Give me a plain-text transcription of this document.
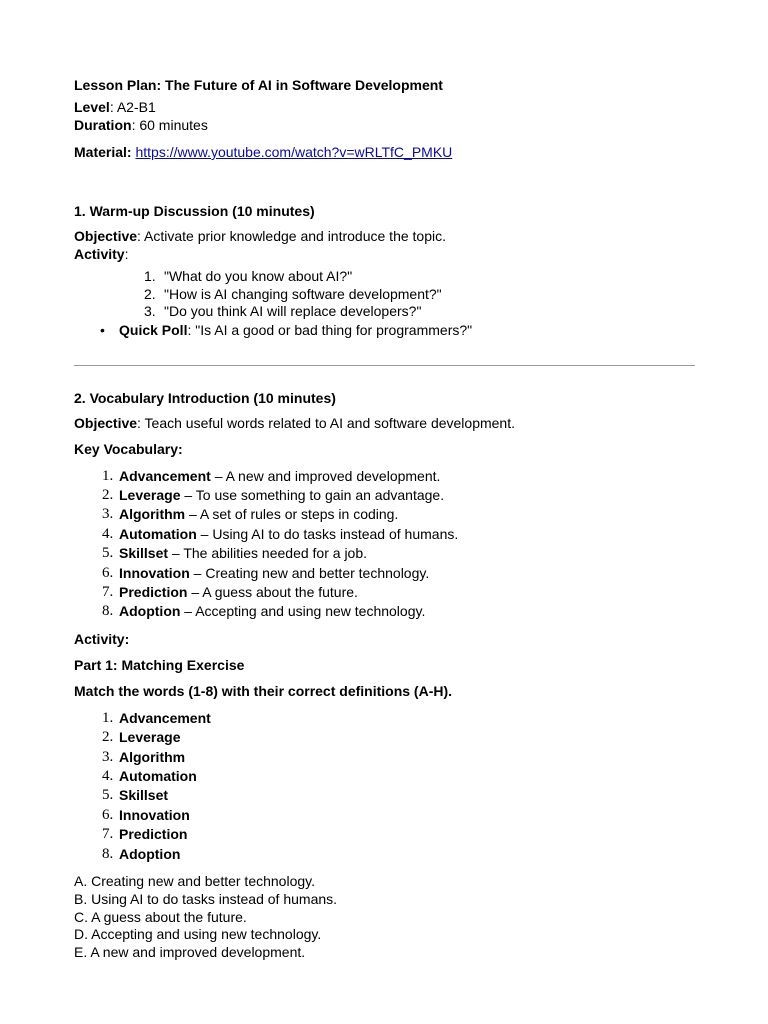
Lesson Plan: The Future of AI in Software Development

Level: A2-B1

Duration: 60 minutes

Material: https://www.youtube.com/watch?v=wRLTfC_PMKU

1. Warm-up Discussion (10 minutes)

Objective: Activate prior knowledge and introduce the topic.

Activity:

1. "What do you know about AI?"
2. "How is AI changing software development?"
3. "Do you think AI will replace developers?"
•	Quick Poll: "Is AI a good or bad thing for programmers?"

2. Vocabulary Introduction (10 minutes)

Objective: Teach useful words related to AI and software development.

Key Vocabulary:

1. Advancement – A new and improved development.
2. Leverage – To use something to gain an advantage.
3. Algorithm – A set of rules or steps in coding.
4. Automation – Using AI to do tasks instead of humans.
5. Skillset – The abilities needed for a job.
6. Innovation – Creating new and better technology.
7. Prediction – A guess about the future.
8. Adoption – Accepting and using new technology.

Activity:

Part 1: Matching Exercise

Match the words (1-8) with their correct definitions (A-H).

1. Advancement
2. Leverage
3. Algorithm
4. Automation
5. Skillset
6. Innovation
7. Prediction
8. Adoption

A. Creating new and better technology.

B. Using AI to do tasks instead of humans.

C. A guess about the future.

D. Accepting and using new technology.

E. A new and improved development.
